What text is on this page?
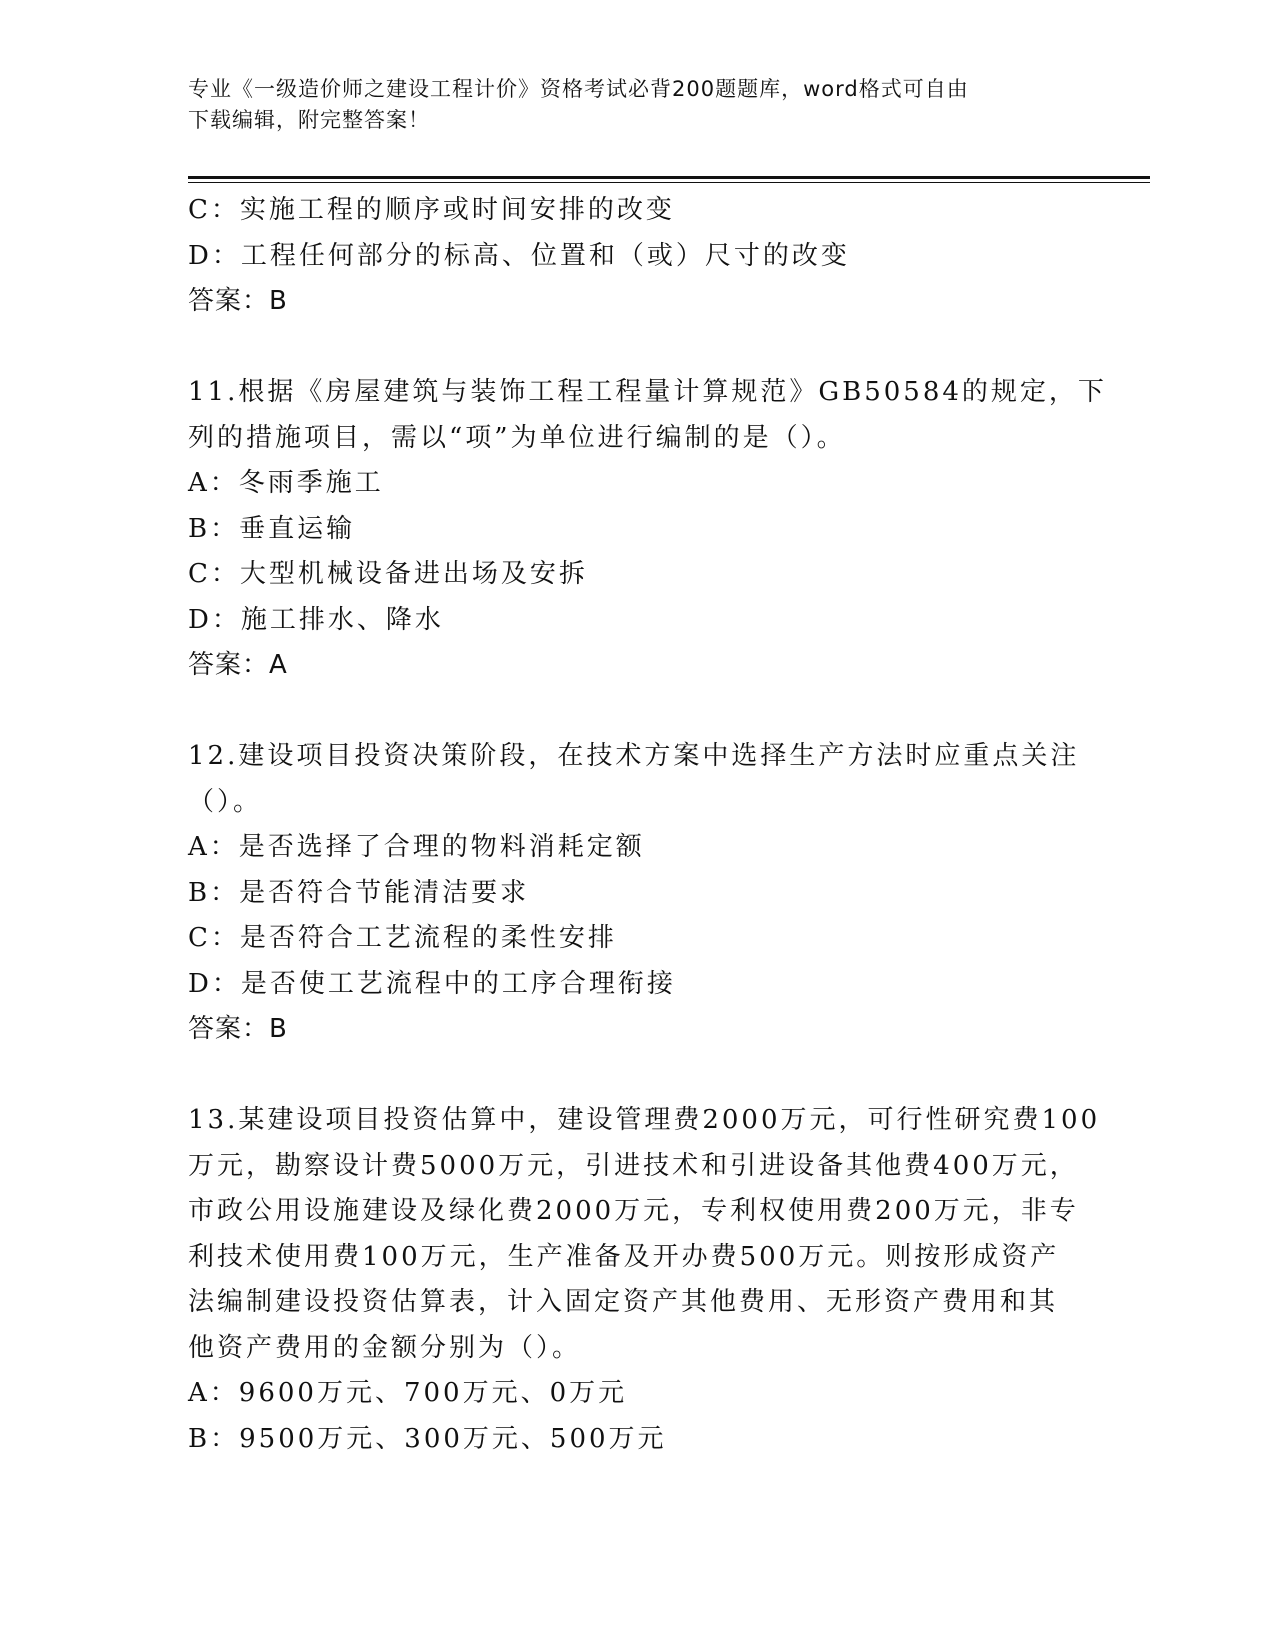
专业《一级造价师之建设工程计价》资格考试必背200题题库，word格式可自由
下载编辑，附完整答案！
C：实施工程的顺序或时间安排的改变
D：工程任何部分的标高、位置和（或）尺寸的改变
答案：B
11.根据《房屋建筑与装饰工程工程量计算规范》GB50584的规定，下
列的措施项目，需以“项”为单位进行编制的是（）。
A：冬雨季施工
B：垂直运输
C：大型机械设备进出场及安拆
D：施工排水、降水
答案：A
12.建设项目投资决策阶段，在技术方案中选择生产方法时应重点关注
（）。
A：是否选择了合理的物料消耗定额
B：是否符合节能清洁要求
C：是否符合工艺流程的柔性安排
D：是否使工艺流程中的工序合理衔接
答案：B
13.某建设项目投资估算中，建设管理费2000万元，可行性研究费100
万元，勘察设计费5000万元，引进技术和引进设备其他费400万元，
市政公用设施建设及绿化费2000万元，专利权使用费200万元，非专
利技术使用费100万元，生产准备及开办费500万元。则按形成资产
法编制建设投资估算表，计入固定资产其他费用、无形资产费用和其
他资产费用的金额分别为（）。
A：9600万元、700万元、0万元
B：9500万元、300万元、500万元
